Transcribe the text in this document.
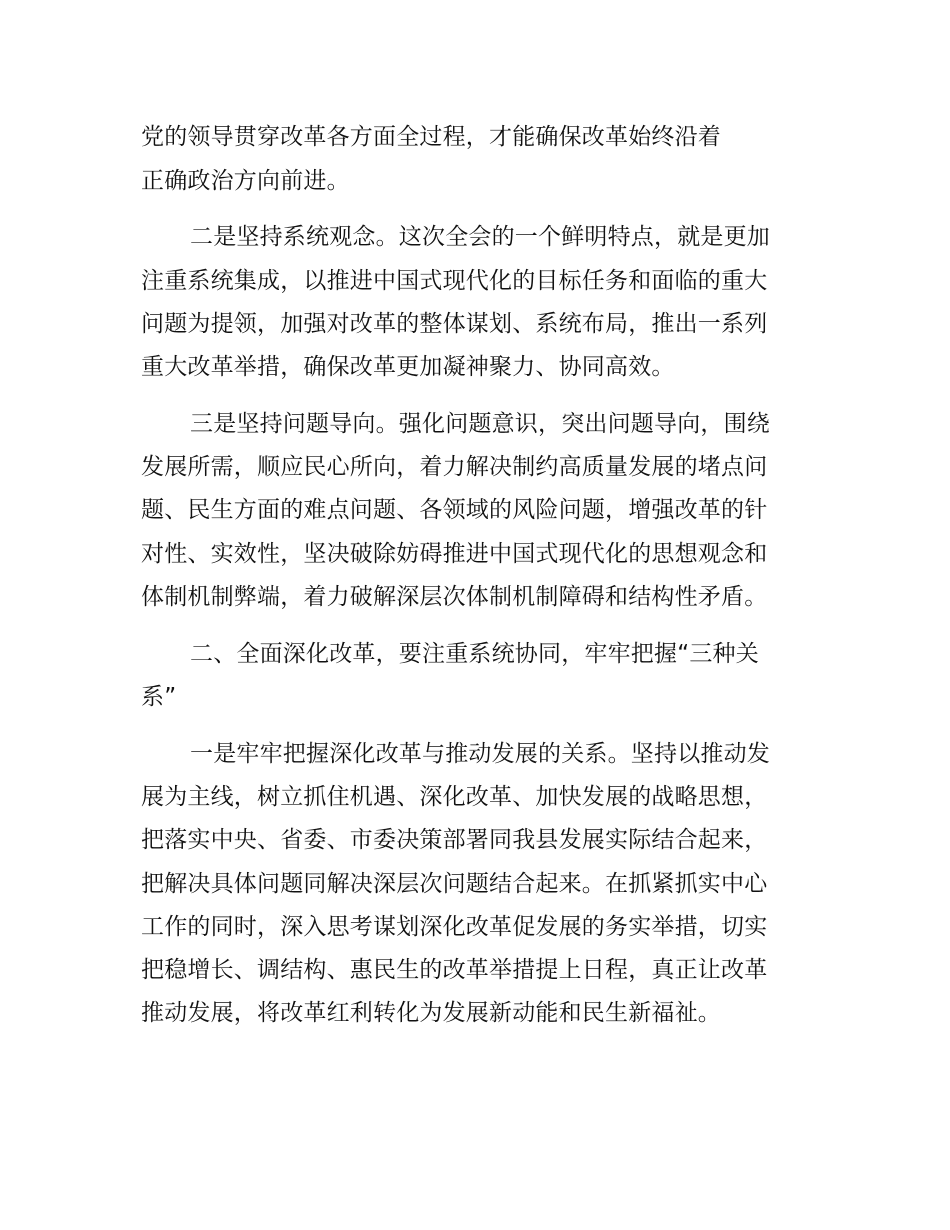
党的领导贯穿改革各方面全过程，才能确保改革始终沿着

正确政治方向前进。

二是坚持系统观念。这次全会的一个鲜明特点，就是更加

注重系统集成，以推进中国式现代化的目标任务和面临的重大

问题为提领，加强对改革的整体谋划、系统布局，推出一系列

重大改革举措，确保改革更加凝神聚力、协同高效。

三是坚持问题导向。强化问题意识，突出问题导向，围绕

发展所需，顺应民心所向，着力解决制约高质量发展的堵点问

题、民生方面的难点问题、各领域的风险问题，增强改革的针

对性、实效性，坚决破除妨碍推进中国式现代化的思想观念和

体制机制弊端，着力破解深层次体制机制障碍和结构性矛盾。

二、全面深化改革，要注重系统协同，牢牢把握“三种关

系”

一是牢牢把握深化改革与推动发展的关系。坚持以推动发

展为主线，树立抓住机遇、深化改革、加快发展的战略思想，

把落实中央、省委、市委决策部署同我县发展实际结合起来，

把解决具体问题同解决深层次问题结合起来。在抓紧抓实中心

工作的同时，深入思考谋划深化改革促发展的务实举措，切实

把稳增长、调结构、惠民生的改革举措提上日程，真正让改革

推动发展，将改革红利转化为发展新动能和民生新福祉。
